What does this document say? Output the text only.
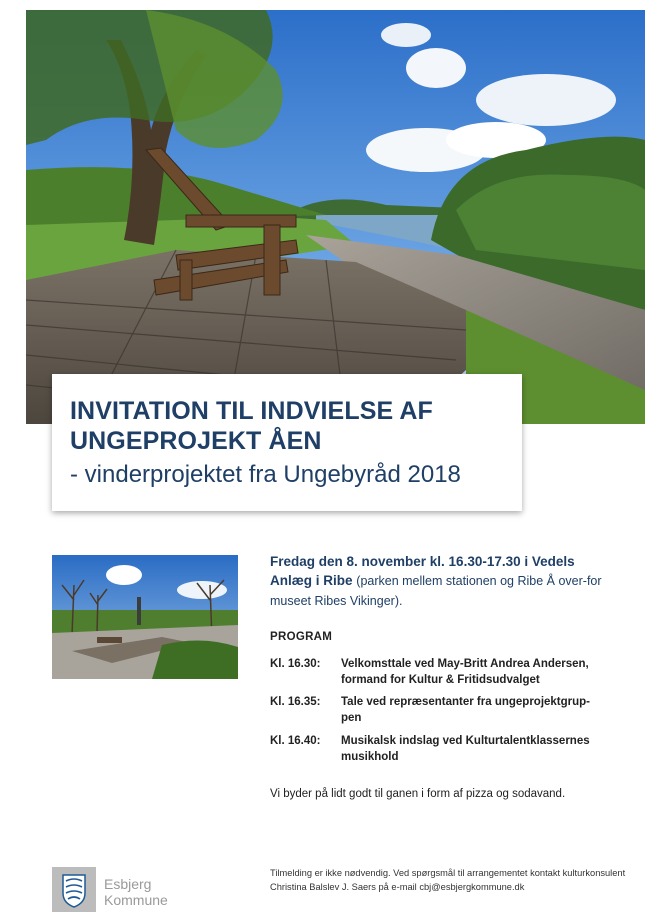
INVITATION TIL INDVIELSE AF
UNGEPROJEKT ÅEN
- vinderprojektet fra Ungebyråd 2018
Fredag den 8. november kl. 16.30-17.30 i Vedels
Anlæg i Ribe (parken mellem stationen og Ribe Å over-for museet Ribes Vikinger).
PROGRAM
Kl. 16.30:	Velkomsttale ved May-Britt Andrea Andersen,
formand for Kultur & Fritidsudvalget
Kl. 16.35:	Tale ved repræsentanter fra ungeprojektgrup-
pen
Kl. 16.40:	Musikalsk indslag ved Kulturtalentklassernes
musikhold
Vi byder på lidt godt til ganen i form af pizza og sodavand.
Esbjerg
Kommune
Tilmelding er ikke nødvendig. Ved spørgsmål til arrangementet kontakt kulturkonsulent
Christina Balslev J. Saers på e-mail cbj@esbjergkommune.dk
